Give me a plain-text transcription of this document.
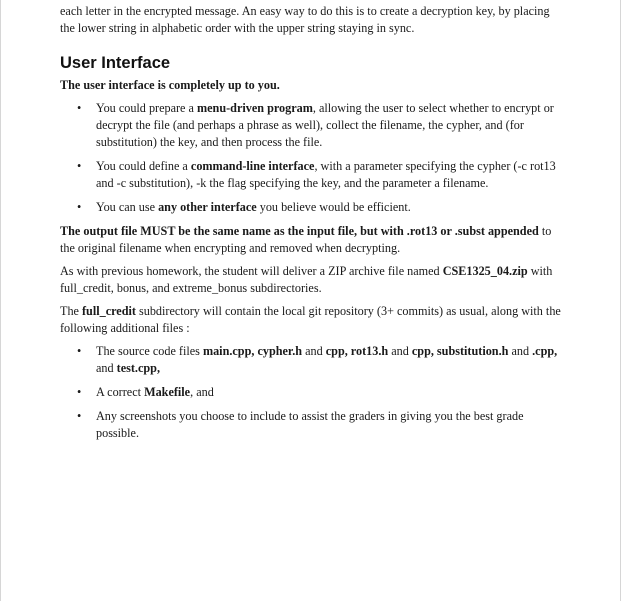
each letter in the encrypted message. An easy way to do this is to create a decryption key, by placing the lower string in alphabetic order with the upper string staying in sync.

User Interface

The user interface is completely up to you.

• You could prepare a menu-driven program, allowing the user to select whether to encrypt or decrypt the file (and perhaps a phrase as well), collect the filename, the cypher, and (for substitution) the key, and then process the file.
• You could define a command-line interface, with a parameter specifying the cypher (-c rot13 and -c substitution), -k the flag specifying the key, and the parameter a filename.
• You can use any other interface you believe would be efficient.

The output file MUST be the same name as the input file, but with .rot13 or .subst appended to the original filename when encrypting and removed when decrypting.

As with previous homework, the student will deliver a ZIP archive file named CSE1325_04.zip with full_credit, bonus, and extreme_bonus subdirectories.

The full_credit subdirectory will contain the local git repository (3+ commits) as usual, along with the following additional files :

• The source code files main.cpp, cypher.h and cpp, rot13.h and cpp, substitution.h and .cpp, and test.cpp,
• A correct Makefile, and
• Any screenshots you choose to include to assist the graders in giving you the best grade possible.
